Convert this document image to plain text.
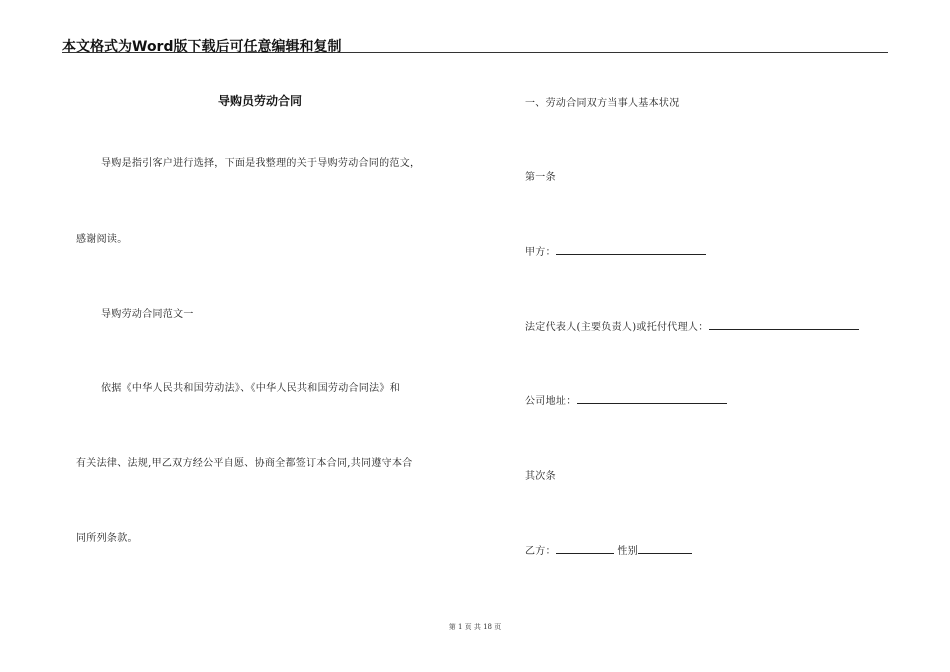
本文格式为Word版下载后可任意编辑和复制
导购员劳动合同
导购是指引客户进行选择，下面是我整理的关于导购劳动合同的范文，
感谢阅读。
导购劳动合同范文一
依据《中华人民共和国劳动法》、《中华人民共和国劳动合同法》和
有关法律、法规,甲乙双方经公平自愿、协商全都签订本合同,共同遵守本合
同所列条款。
一、劳动合同双方当事人基本状况
第一条
甲方：
法定代表人(主要负责人)或托付代理人：
公司地址：
其次条
乙方：	性别
第 1 页 共 18 页
